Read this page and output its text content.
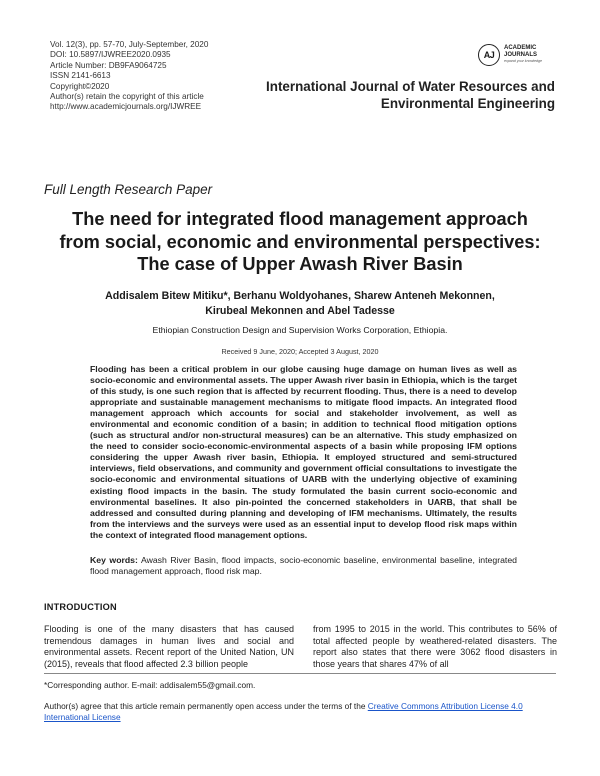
Vol. 12(3), pp. 57-70, July-September, 2020
DOI: 10.5897/IJWREE2020.0935
Article Number: DB9FA9064725
ISSN 2141-6613
Copyright©2020
Author(s) retain the copyright of this article
http://www.academicjournals.org/IJWREE
AJ
ACADEMIC
JOURNALS
expand your knowledge
International Journal of Water Resources and
Environmental Engineering
Full Length Research Paper
The need for integrated flood management approach
from social, economic and environmental perspectives:
The case of Upper Awash River Basin
Addisalem Bitew Mitiku*, Berhanu Woldyohanes, Sharew Anteneh Mekonnen,
Kirubeal Mekonnen and Abel Tadesse
Ethiopian Construction Design and Supervision Works Corporation, Ethiopia.
Received 9 June, 2020; Accepted 3 August, 2020
Flooding has been a critical problem in our globe causing huge damage on human lives as well as socio-economic and environmental assets. The upper Awash river basin in Ethiopia, which is the target of this study, is one such region that is affected by recurrent flooding. Thus, there is a need to develop appropriate and sustainable management mechanisms to mitigate flood impacts. An integrated flood management approach which accounts for social and stakeholder involvement, as well as environmental and economic condition of a basin; in addition to technical flood mitigation options (such as structural and/or non-structural measures) can be an alternative. This study emphasized on the need to consider socio-economic-environmental aspects of a basin while proposing IFM options considering the upper Awash river basin, Ethiopia. It employed structured and semi-structured interviews, field observations, and community and government official consultations to investigate the socio-economic and environmental situations of UARB with the underlying objective of examining existing flood impacts in the basin. The study formulated the basin current socio-economic and environmental baselines. It also pin-pointed the concerned stakeholders in UARB, that shall be addressed and consulted during planning and developing of IFM mechanisms. Ultimately, the results from the interviews and the surveys were used as an essential input to develop flood risk maps within the context of integrated flood management options.
Key words: Awash River Basin, flood impacts, socio-economic baseline, environmental baseline, integrated flood management approach, flood risk map.
INTRODUCTION
Flooding is one of the many disasters that has caused tremendous damages in human lives and social and environmental assets. Recent report of the United Nation, UN (2015), reveals that flood affected 2.3 billion people
from 1995 to 2015 in the world. This contributes to 56% of total affected people by weathered-related disasters. The report also states that there were 3062 flood disasters in those years that shares 47% of all
*Corresponding author. E-mail: addisalem55@gmail.com.
Author(s) agree that this article remain permanently open access under the terms of the Creative Commons Attribution License 4.0 International License
